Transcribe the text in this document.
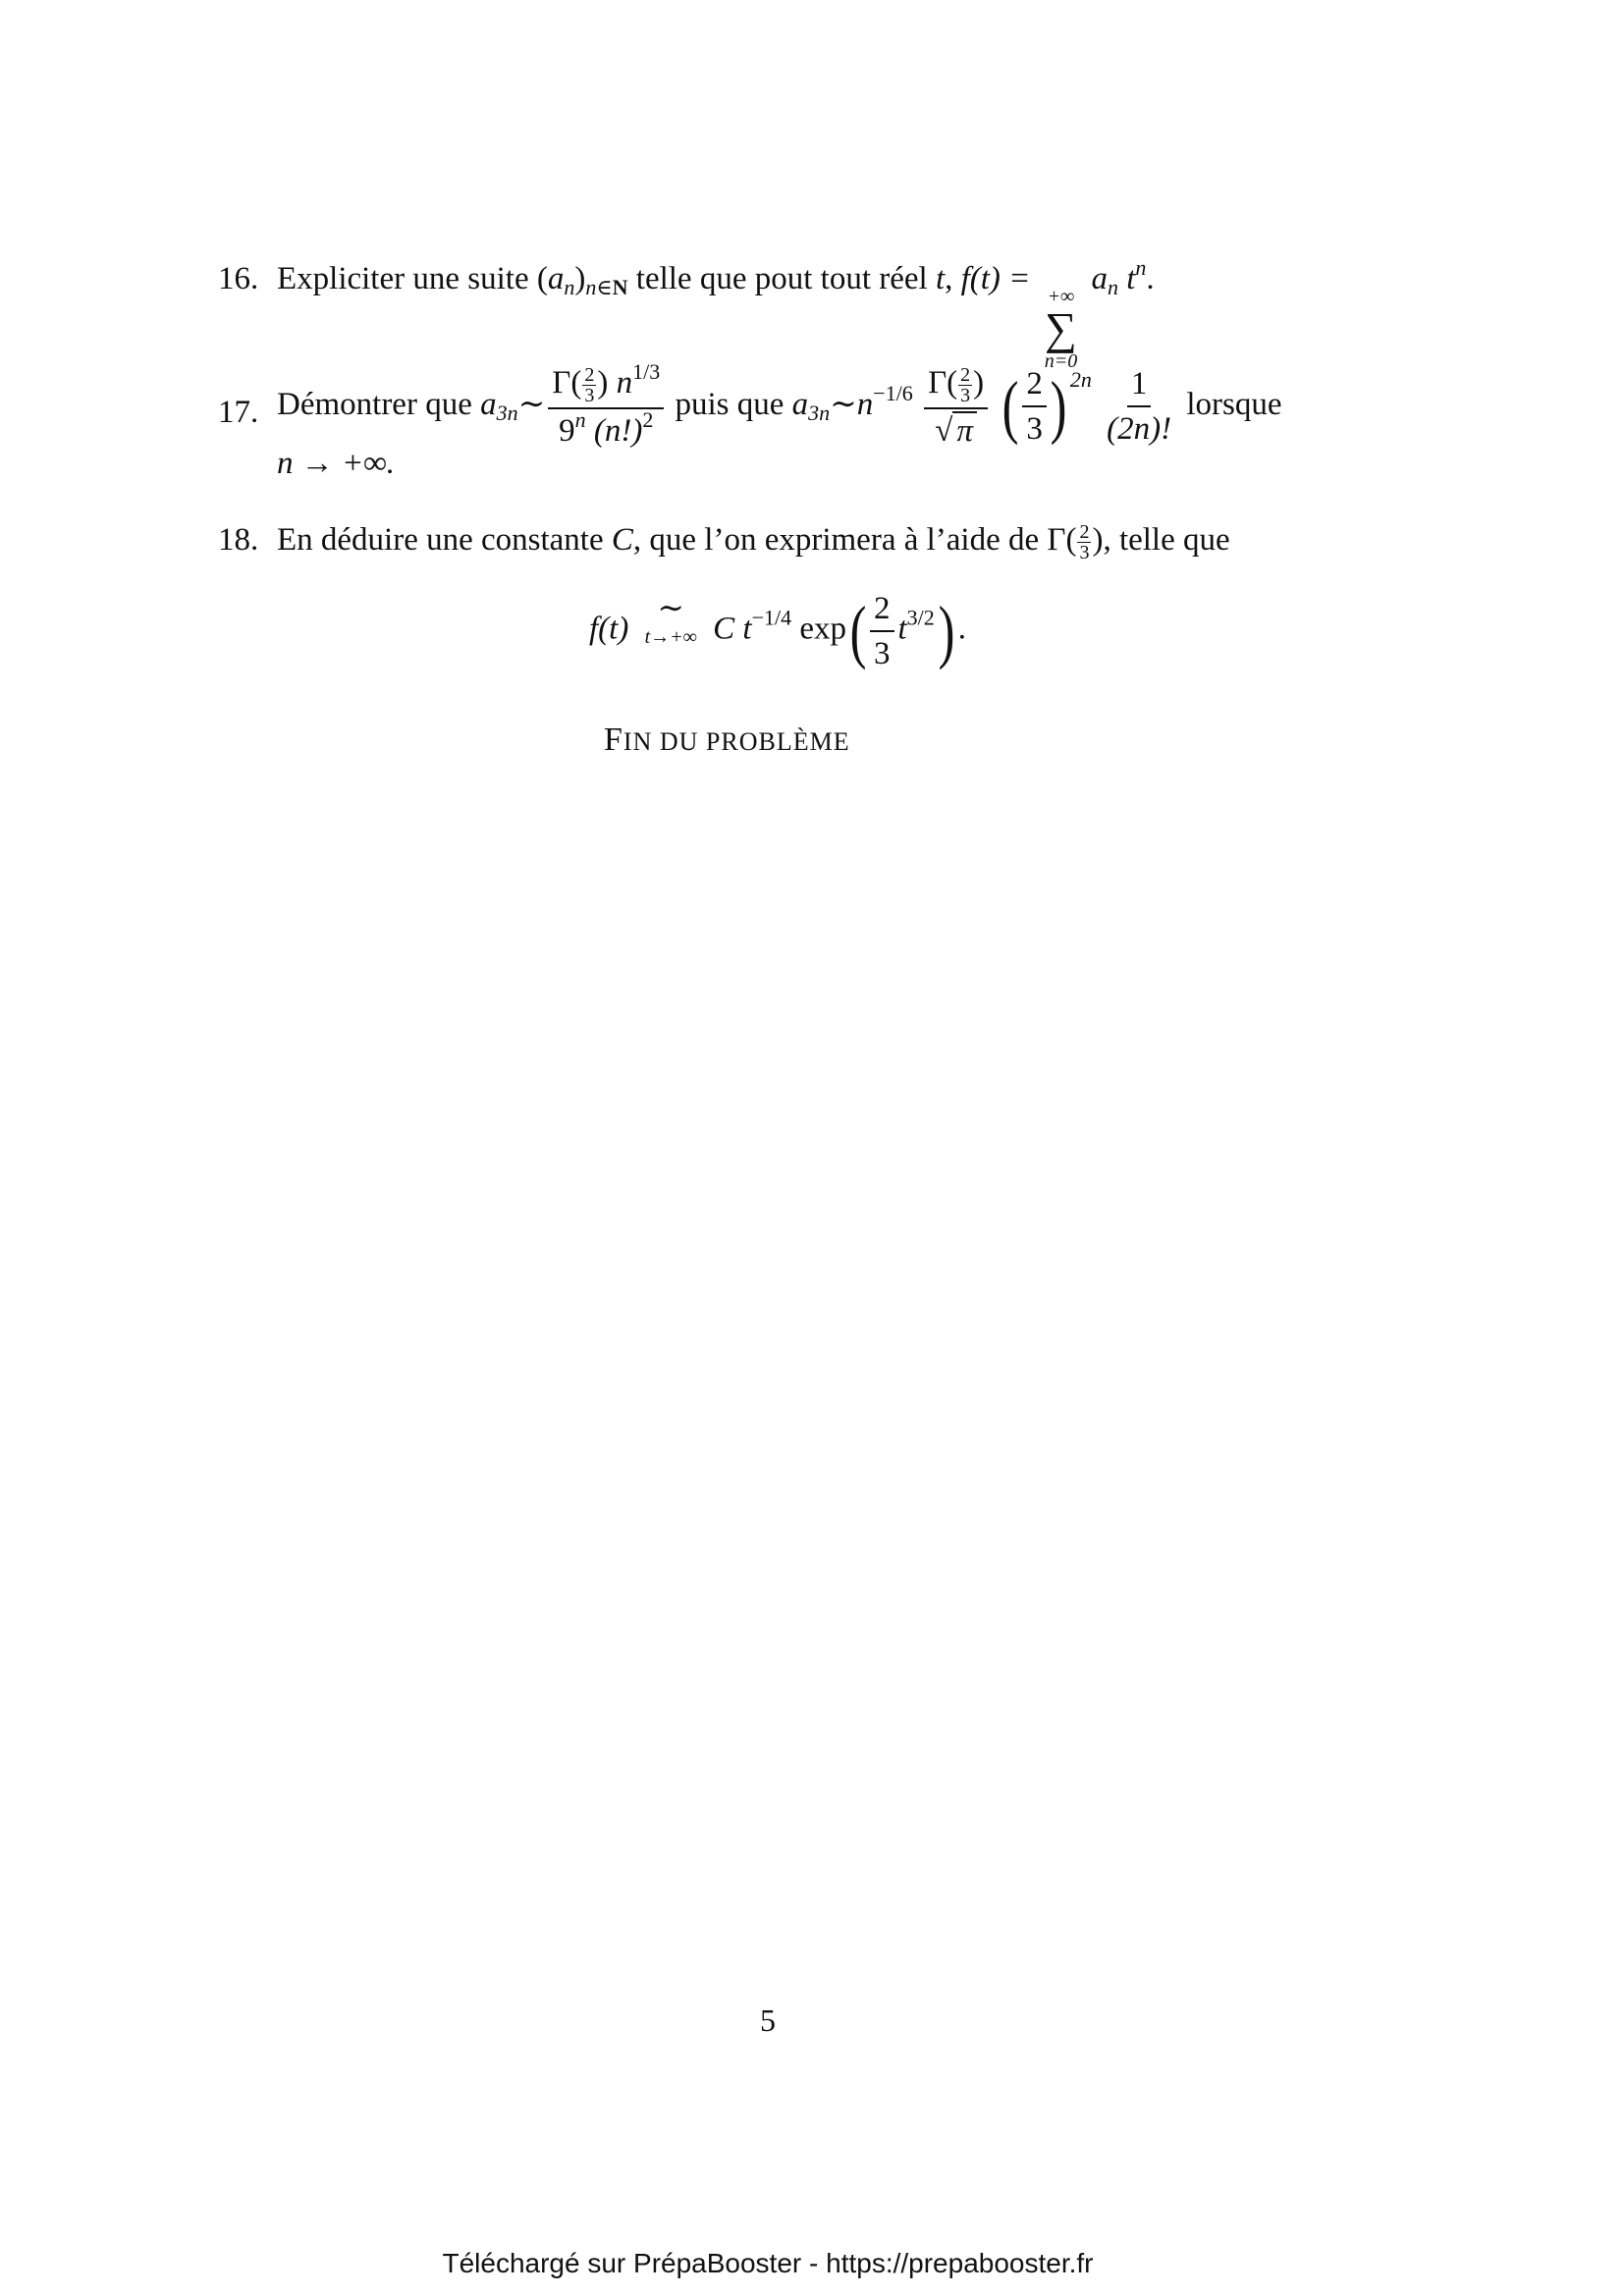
16. Expliciter une suite $(a_n)_{n\in N}$ telle que pout tout réel t, f(t) = +∞
∑
n=0
$a_n$ $t^n$.
17. Démontrer que $a_{3n}\sim \frac{\Gamma( \frac{2}{3} ) n^{1/3}}{9^n (n!)^2}$ puis que $a_{3n}\sim n^{-1/6} \frac{\Gamma( \frac{2}{3} )}{√ \pi}$ ( $\frac{2}{3}$ ) $^{2n} \frac{1}{(2n)!}$ lorsque
n → +∞.
18. En déduire une constante C, que l’on exprimera à l’aide de $\Gamma( \frac{2}{3}$ ), telle que
f(t)
∼
t→+∞ C $t^{-1/4}$ $\exp( \frac{2}{3} t^{3/2})$ .
FIN DU PROBLÈME
5
Téléchargé sur PrépaBooster - https://prepabooster.fr
